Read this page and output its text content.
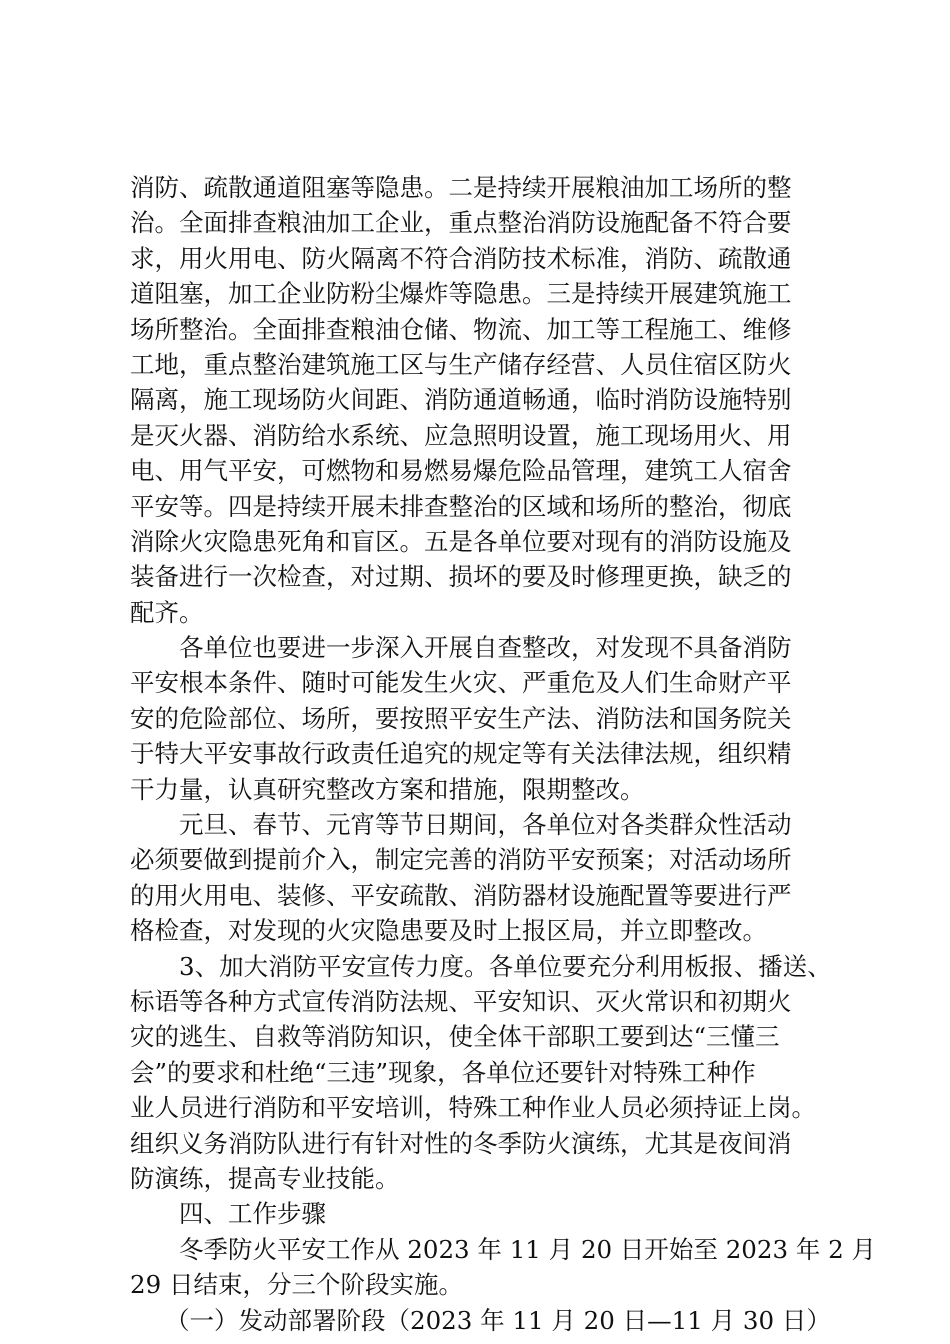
消防、疏散通道阻塞等隐患。二是持续开展粮油加工场所的整
治。全面排查粮油加工企业，重点整治消防设施配备不符合要
求，用火用电、防火隔离不符合消防技术标准，消防、疏散通
道阻塞，加工企业防粉尘爆炸等隐患。三是持续开展建筑施工
场所整治。全面排查粮油仓储、物流、加工等工程施工、维修
工地，重点整治建筑施工区与生产储存经营、人员住宿区防火
隔离，施工现场防火间距、消防通道畅通，临时消防设施特别
是灭火器、消防给水系统、应急照明设置，施工现场用火、用
电、用气平安，可燃物和易燃易爆危险品管理，建筑工人宿舍
平安等。四是持续开展未排查整治的区域和场所的整治，彻底
消除火灾隐患死角和盲区。五是各单位要对现有的消防设施及
装备进行一次检查，对过期、损坏的要及时修理更换，缺乏的
配齐。
各单位也要进一步深入开展自查整改，对发现不具备消防
平安根本条件、随时可能发生火灾、严重危及人们生命财产平
安的危险部位、场所，要按照平安生产法、消防法和国务院关
于特大平安事故行政责任追究的规定等有关法律法规，组织精
干力量，认真研究整改方案和措施，限期整改。
元旦、春节、元宵等节日期间，各单位对各类群众性活动
必须要做到提前介入，制定完善的消防平安预案；对活动场所
的用火用电、装修、平安疏散、消防器材设施配置等要进行严
格检查，对发现的火灾隐患要及时上报区局，并立即整改。
3、加大消防平安宣传力度。各单位要充分利用板报、播送、
标语等各种方式宣传消防法规、平安知识、灭火常识和初期火
灾的逃生、自救等消防知识，使全体干部职工要到达“三懂三
会”的要求和杜绝“三违”现象，各单位还要针对特殊工种作
业人员进行消防和平安培训，特殊工种作业人员必须持证上岗。
组织义务消防队进行有针对性的冬季防火演练，尤其是夜间消
防演练，提高专业技能。
四、工作步骤
冬季防火平安工作从 2023 年 11 月 20 日开始至 2023 年 2 月
29 日结束，分三个阶段实施。
（一）发动部署阶段（2023 年 11 月 20 日—11 月 30 日）
